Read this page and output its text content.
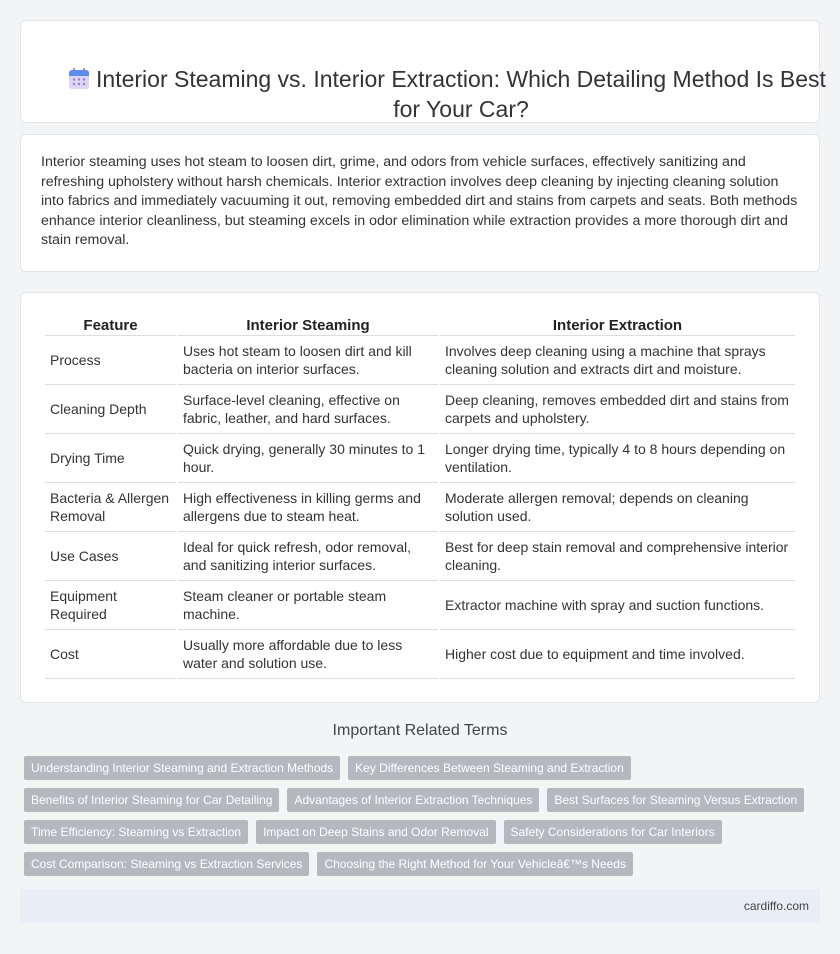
Interior Steaming vs. Interior Extraction: Which Detailing Method Is Best for Your Car?

Interior steaming uses hot steam to loosen dirt, grime, and odors from vehicle surfaces, effectively sanitizing and refreshing upholstery without harsh chemicals. Interior extraction involves deep cleaning by injecting cleaning solution into fabrics and immediately vacuuming it out, removing embedded dirt and stains from carpets and seats. Both methods enhance interior cleanliness, but steaming excels in odor elimination while extraction provides a more thorough dirt and stain removal.

Feature	Interior Steaming	Interior Extraction
Process	Uses hot steam to loosen dirt and kill bacteria on interior surfaces.	Involves deep cleaning using a machine that sprays cleaning solution and extracts dirt and moisture.
Cleaning Depth	Surface-level cleaning, effective on fabric, leather, and hard surfaces.	Deep cleaning, removes embedded dirt and stains from carpets and upholstery.
Drying Time	Quick drying, generally 30 minutes to 1 hour.	Longer drying time, typically 4 to 8 hours depending on ventilation.
Bacteria & Allergen Removal	High effectiveness in killing germs and allergens due to steam heat.	Moderate allergen removal; depends on cleaning solution used.
Use Cases	Ideal for quick refresh, odor removal, and sanitizing interior surfaces.	Best for deep stain removal and comprehensive interior cleaning.
Equipment Required	Steam cleaner or portable steam machine.	Extractor machine with spray and suction functions.
Cost	Usually more affordable due to less water and solution use.	Higher cost due to equipment and time involved.
Important Related Terms
Understanding Interior Steaming and Extraction Methods	Key Differences Between Steaming and Extraction
Benefits of Interior Steaming for Car Detailing	Advantages of Interior Extraction Techniques	Best Surfaces for Steaming Versus Extraction
Time Efficiency: Steaming vs Extraction	Impact on Deep Stains and Odor Removal	Safety Considerations for Car Interiors
Cost Comparison: Steaming vs Extraction Services	Choosing the Right Method for Your Vehicleâ€™s Needs
cardiffo.com
